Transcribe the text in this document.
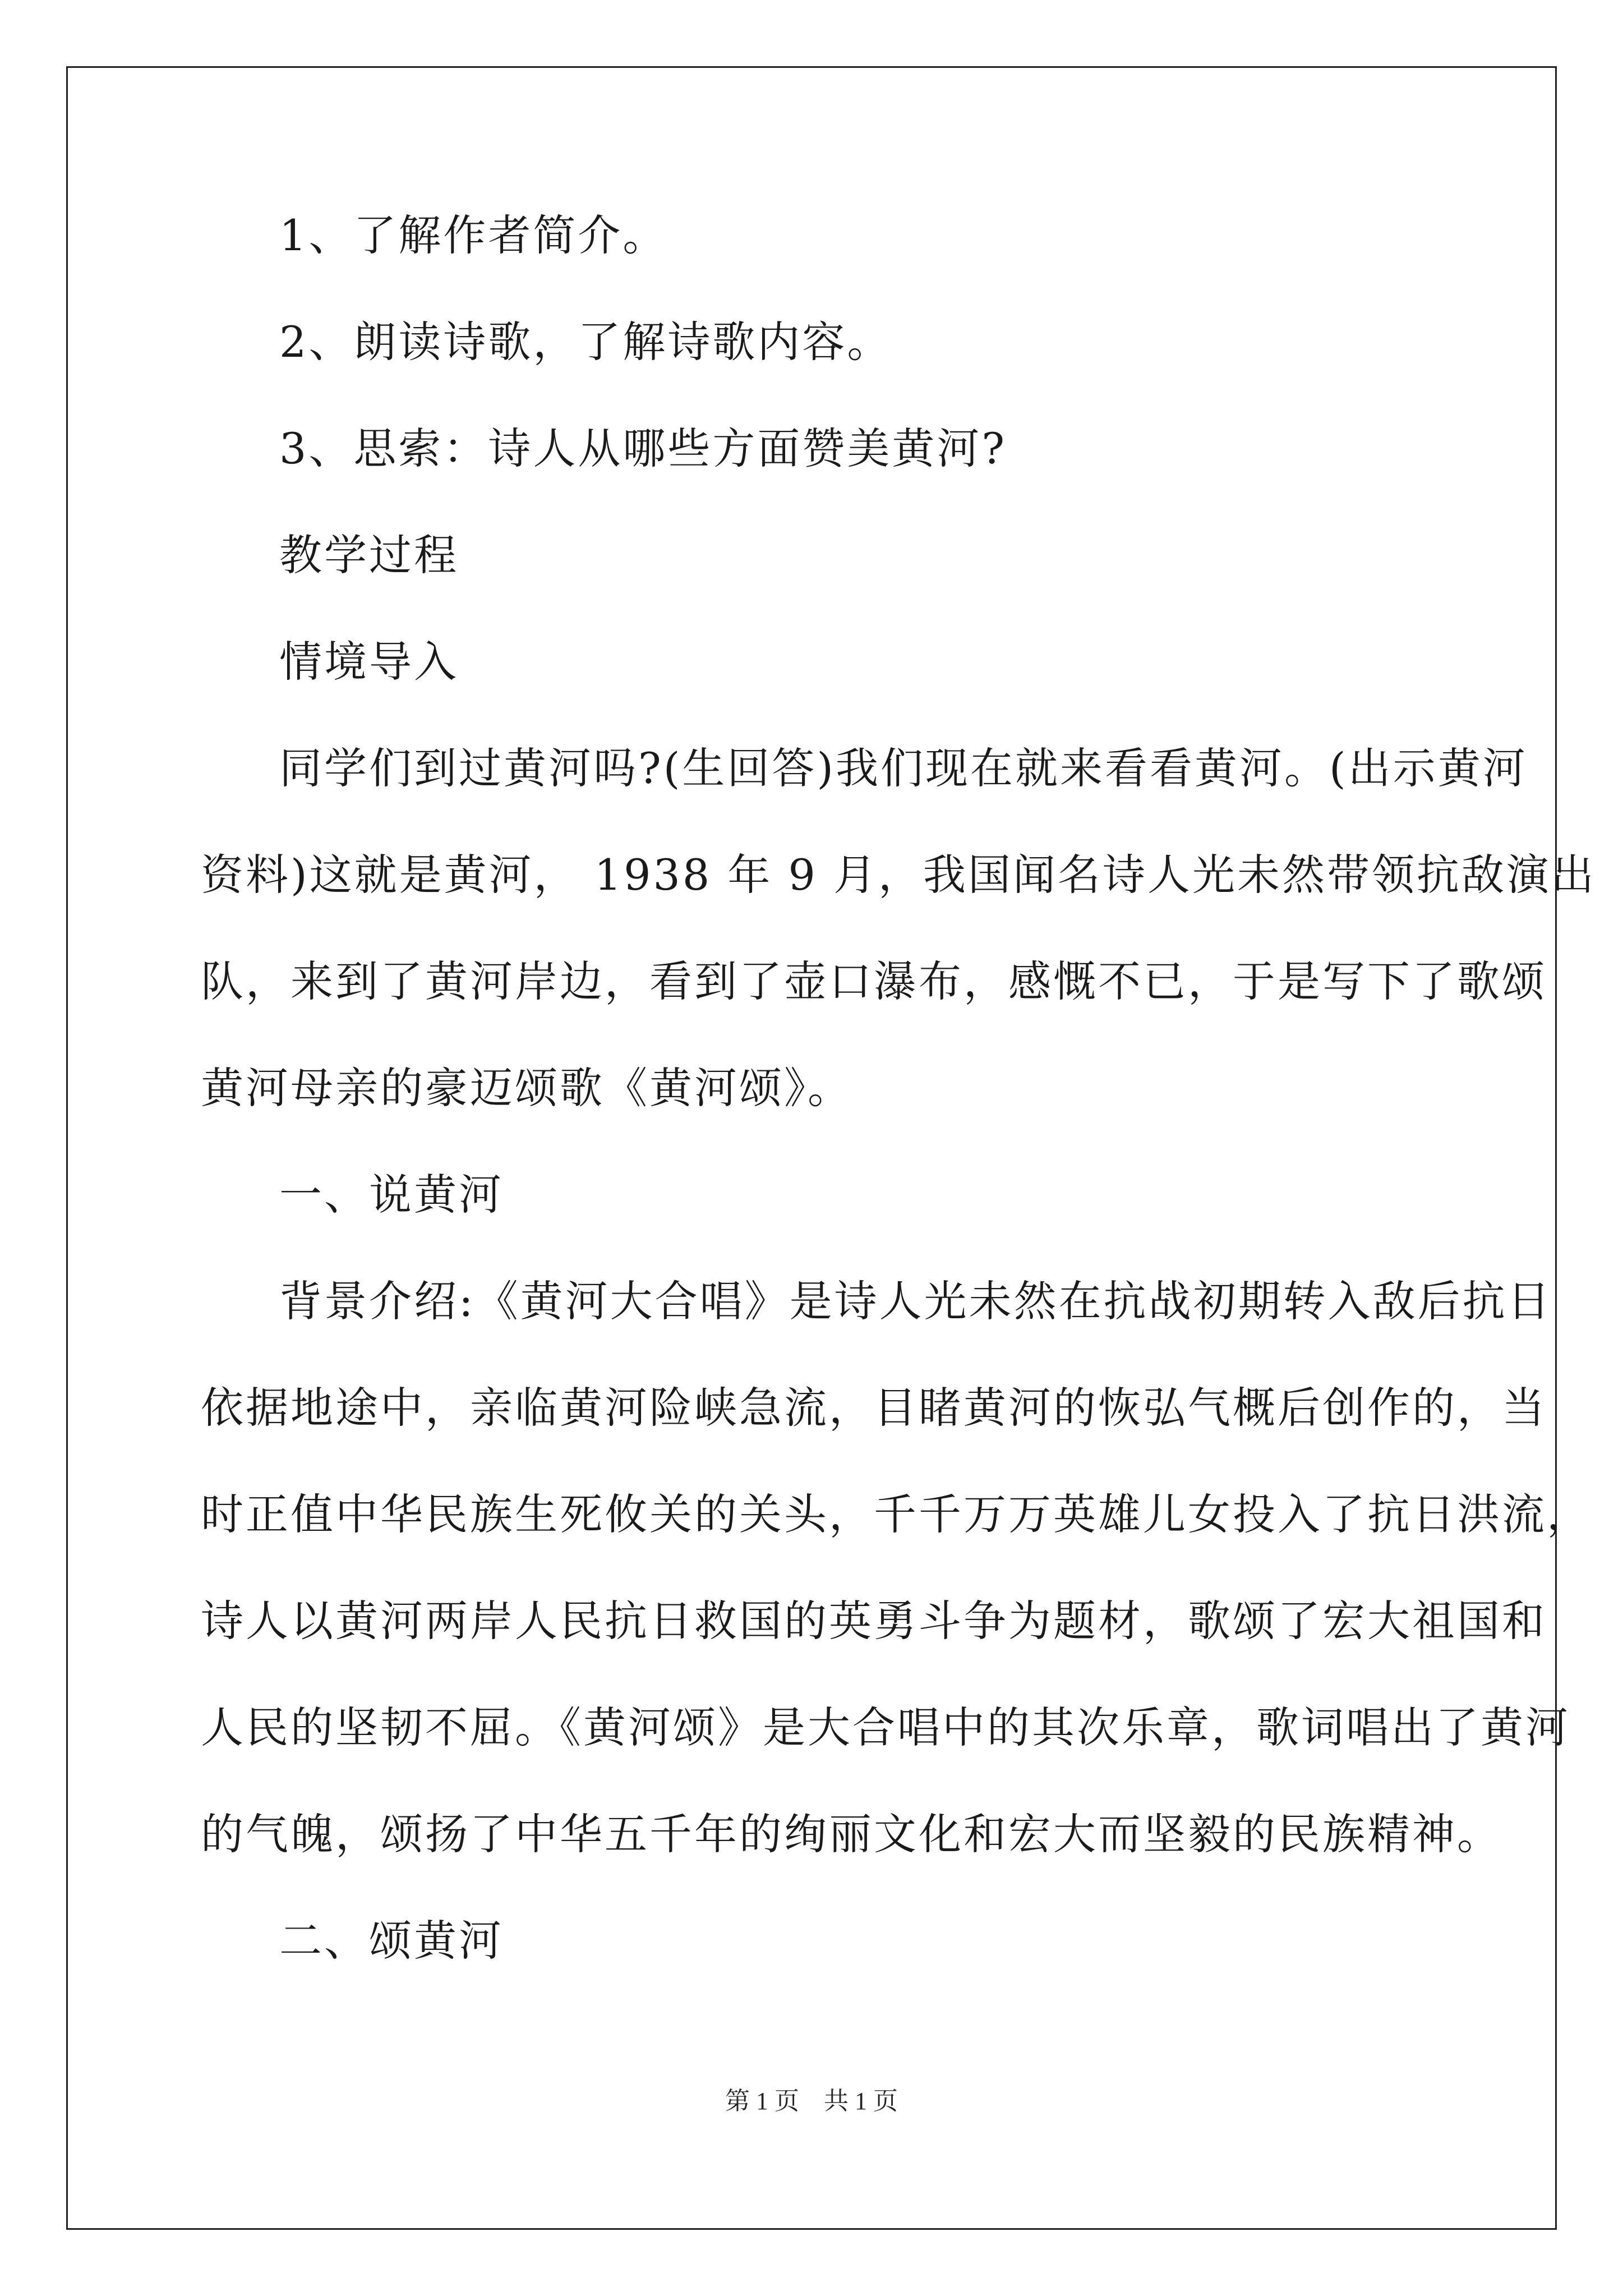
1、了解作者简介。
2、朗读诗歌，了解诗歌内容。
3、思索：诗人从哪些方面赞美黄河?
教学过程
情境导入
同学们到过黄河吗?(生回答)我们现在就来看看黄河。(出示黄河
资料)这就是黄河， 1938 年 9 月，我国闻名诗人光未然带领抗敌演出
队，来到了黄河岸边，看到了壶口瀑布，感慨不已，于是写下了歌颂
黄河母亲的豪迈颂歌《黄河颂》。
一、说黄河
背景介绍:《黄河大合唱》是诗人光未然在抗战初期转入敌后抗日
依据地途中，亲临黄河险峡急流，目睹黄河的恢弘气概后创作的，当
时正值中华民族生死攸关的关头，千千万万英雄儿女投入了抗日洪流，
诗人以黄河两岸人民抗日救国的英勇斗争为题材，歌颂了宏大祖国和
人民的坚韧不屈。《黄河颂》是大合唱中的其次乐章，歌词唱出了黄河
的气魄，颂扬了中华五千年的绚丽文化和宏大而坚毅的民族精神。
二、颂黄河
第 1 页　共 1 页
